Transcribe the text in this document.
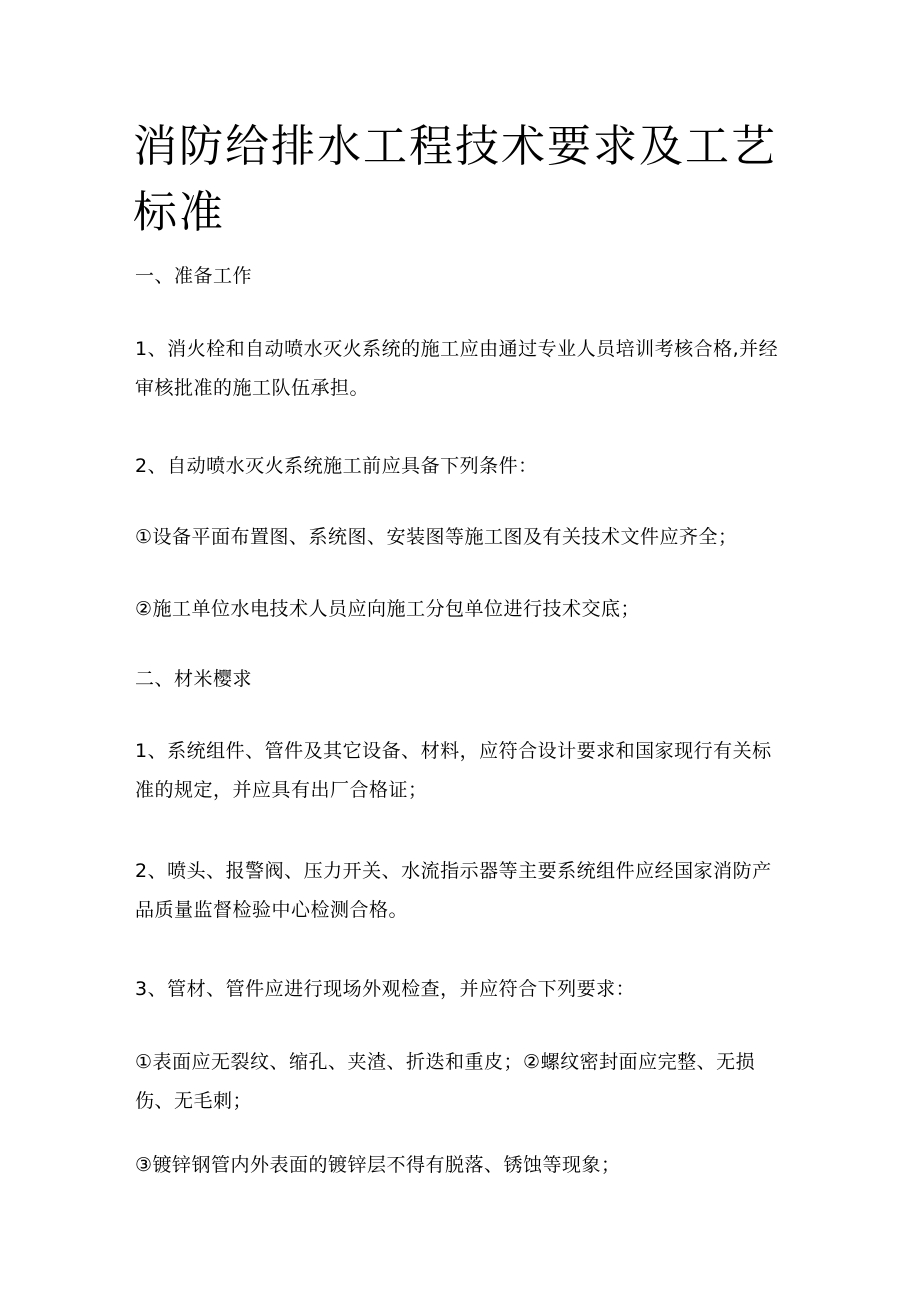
消防给排水工程技术要求及工艺标准

一、准备工作

1、消火栓和自动喷水灭火系统的施工应由通过专业人员培训考核合格,并经审核批准的施工队伍承担。

2、自动喷水灭火系统施工前应具备下列条件：

①设备平面布置图、系统图、安装图等施工图及有关技术文件应齐全；

②施工单位水电技术人员应向施工分包单位进行技术交底；

二、材米樱求

1、系统组件、管件及其它设备、材料，应符合设计要求和国家现行有关标准的规定，并应具有出厂合格证；

2、喷头、报警阀、压力开关、水流指示器等主要系统组件应经国家消防产品质量监督检验中心检测合格。

3、管材、管件应进行现场外观检查，并应符合下列要求：

①表面应无裂纹、缩孔、夹渣、折迭和重皮；②螺纹密封面应完整、无损伤、无毛刺；

③镀锌钢管内外表面的镀锌层不得有脱落、锈蚀等现象；
